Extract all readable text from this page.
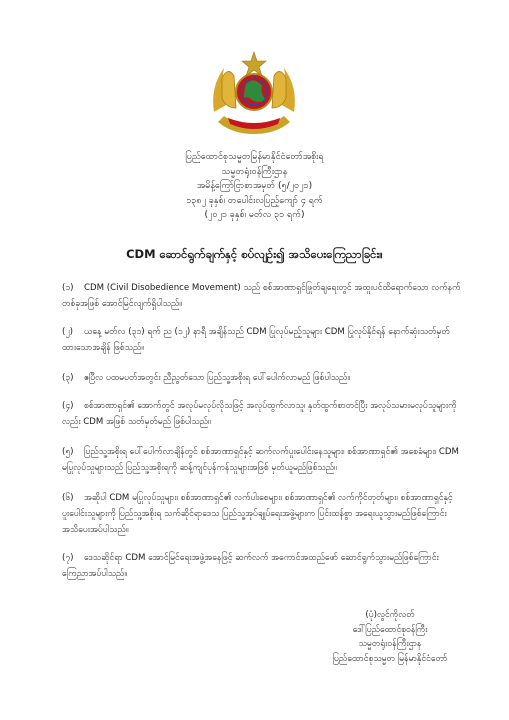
ပြည်ထောင်စုသမ္မတမြန်မာနိုင်ငံတော်အစိုးရ
သမ္မတရုံးဝန်ကြီးဌာန
အမိန့်ကြော်ငြာစာအမှတ် (၅/၂၀၂၁)
၁၃၈၂ ခုနှစ်၊ တပေါင်းလပြည့်ကျော် ၄ ရက်
(၂၀၂၁ ခုနှစ်၊ မတ်လ ၃၁ ရက်)
CDM ဆောင်ရွက်ချက်နှင့် စပ်လျဉ်း၍ အသိပေးကြေညာခြင်း။
(၁) CDM (Civil Disobedience Movement) သည် စစ်အာဏာရှင်ဖြုတ်ချရေးတွင် အထူးပင်ထိရောက်သော လက်နက်တစ်ခုအဖြစ် အောင်မြင်လျက်ရှိပါသည်။
(၂) ယနေ့ မတ်လ (၃၁) ရက် ည (၁၂) နာရီ အချိန်သည် CDM ပြုလုပ်မည့်သူများ CDM ပြုလုပ်နိုင်ရန် နောက်ဆုံးသတ်မှတ်ထားသောအချိန် ဖြစ်သည်။
(၃) ဧပြီလ ပထမပတ်အတွင်း ညီညွတ်သော ပြည်သူ့အစိုးရ ပေါ်ပေါက်လာမည် ဖြစ်ပါသည်။
(၄) စစ်အာဏာရှင်၏ အောက်တွင် အလုပ်မလုပ်လိုသဖြင့် အလုပ်ထွက်လာသူ၊ နုတ်ထွက်စာတင်ပြီး အလုပ်သမားမလုပ်သူများကိုလည်း CDM အဖြစ် သတ်မှတ်မည် ဖြစ်ပါသည်။
(၅) ပြည်သူ့အစိုးရ ပေါ်ပေါက်လာချိန်တွင် စစ်အာဏာရှင်နှင့် ဆက်လက်ပူးပေါင်းနေသူများ၊ စစ်အာဏာရှင်၏ အစေခံများ၊ CDM မပြုလုပ်သူများသည် ပြည်သူ့အစိုးရကို ဆန့်ကျင်ပုန်ကန်သူများအဖြစ် မှတ်ယူမည်ဖြစ်သည်။
(၆) အဆိုပါ CDM မပြုလုပ်သူများ၊ စစ်အာဏာရှင်၏ လက်ပါးစေများ၊ စစ်အာဏာရှင်၏ လက်ကိုင်တုတ်များ၊ စစ်အာဏာရှင်နှင့် ပူးပေါင်းသူများကို ပြည်သူ့အစိုးရ သက်ဆိုင်ရာဒေသ ပြည်သူ့အုပ်ချုပ်ရေးအဖွဲ့များက ပြင်းထန်စွာ အရေးယူသွားမည်ဖြစ်ကြောင်း အသိပေးအပ်ပါသည်။
(၇) ဒေသဆိုင်ရာ CDM အောင်မြင်ရေးအဖွဲ့အနေဖြင့် ဆက်လက် အကောင်အထည်ဖော် ဆောင်ရွက်သွားမည်ဖြစ်ကြောင်း ကြေညာအပ်ပါသည်။
(ပုံ)လွင်ကိုလတ်
ဒေါ်ပြည်ထောင်စုဝန်ကြီး
သမ္မတရုံးဝန်ကြီးဌာန
ပြည်ထောင်စုသမ္မတ မြန်မာနိုင်ငံတော်
